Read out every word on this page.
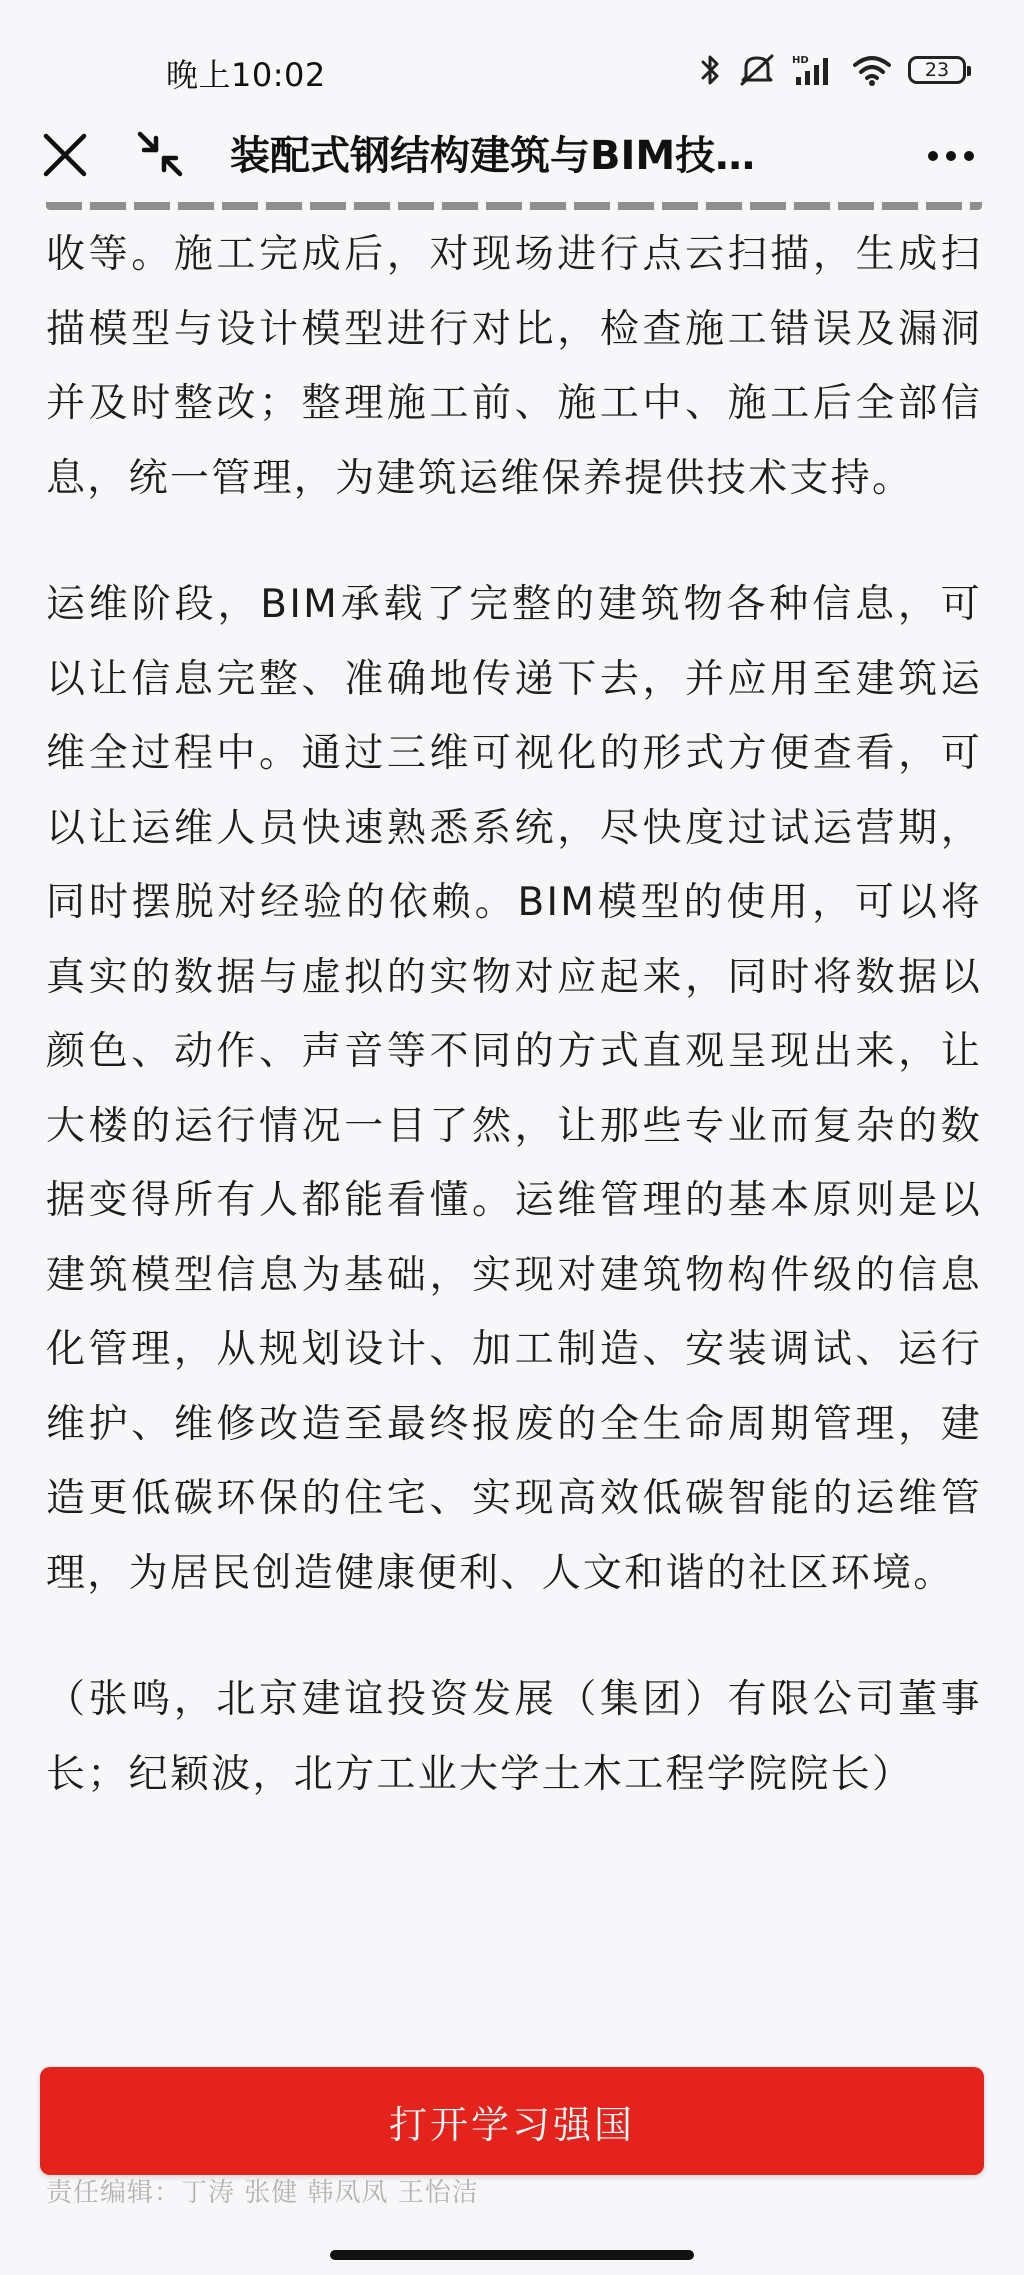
晚上10:02	HD	23
装配式钢结构建筑与BIM技…

收等。施工完成后，对现场进行点云扫描，生成扫描模型与设计模型进行对比，检查施工错误及漏洞并及时整改；整理施工前、施工中、施工后全部信息，统一管理，为建筑运维保养提供技术支持。

运维阶段，BIM承载了完整的建筑物各种信息，可以让信息完整、准确地传递下去，并应用至建筑运维全过程中。通过三维可视化的形式方便查看，可以让运维人员快速熟悉系统，尽快度过试运营期，同时摆脱对经验的依赖。BIM模型的使用，可以将真实的数据与虚拟的实物对应起来，同时将数据以颜色、动作、声音等不同的方式直观呈现出来，让大楼的运行情况一目了然，让那些专业而复杂的数据变得所有人都能看懂。运维管理的基本原则是以建筑模型信息为基础，实现对建筑物构件级的信息化管理，从规划设计、加工制造、安装调试、运行维护、维修改造至最终报废的全生命周期管理，建造更低碳环保的住宅、实现高效低碳智能的运维管理，为居民创造健康便利、人文和谐的社区环境。

（张鸣，北京建谊投资发展（集团）有限公司董事长；纪颖波，北方工业大学土木工程学院院长）

打开学习强国
责任编辑：丁涛 张健 韩凤凤 王怡洁
